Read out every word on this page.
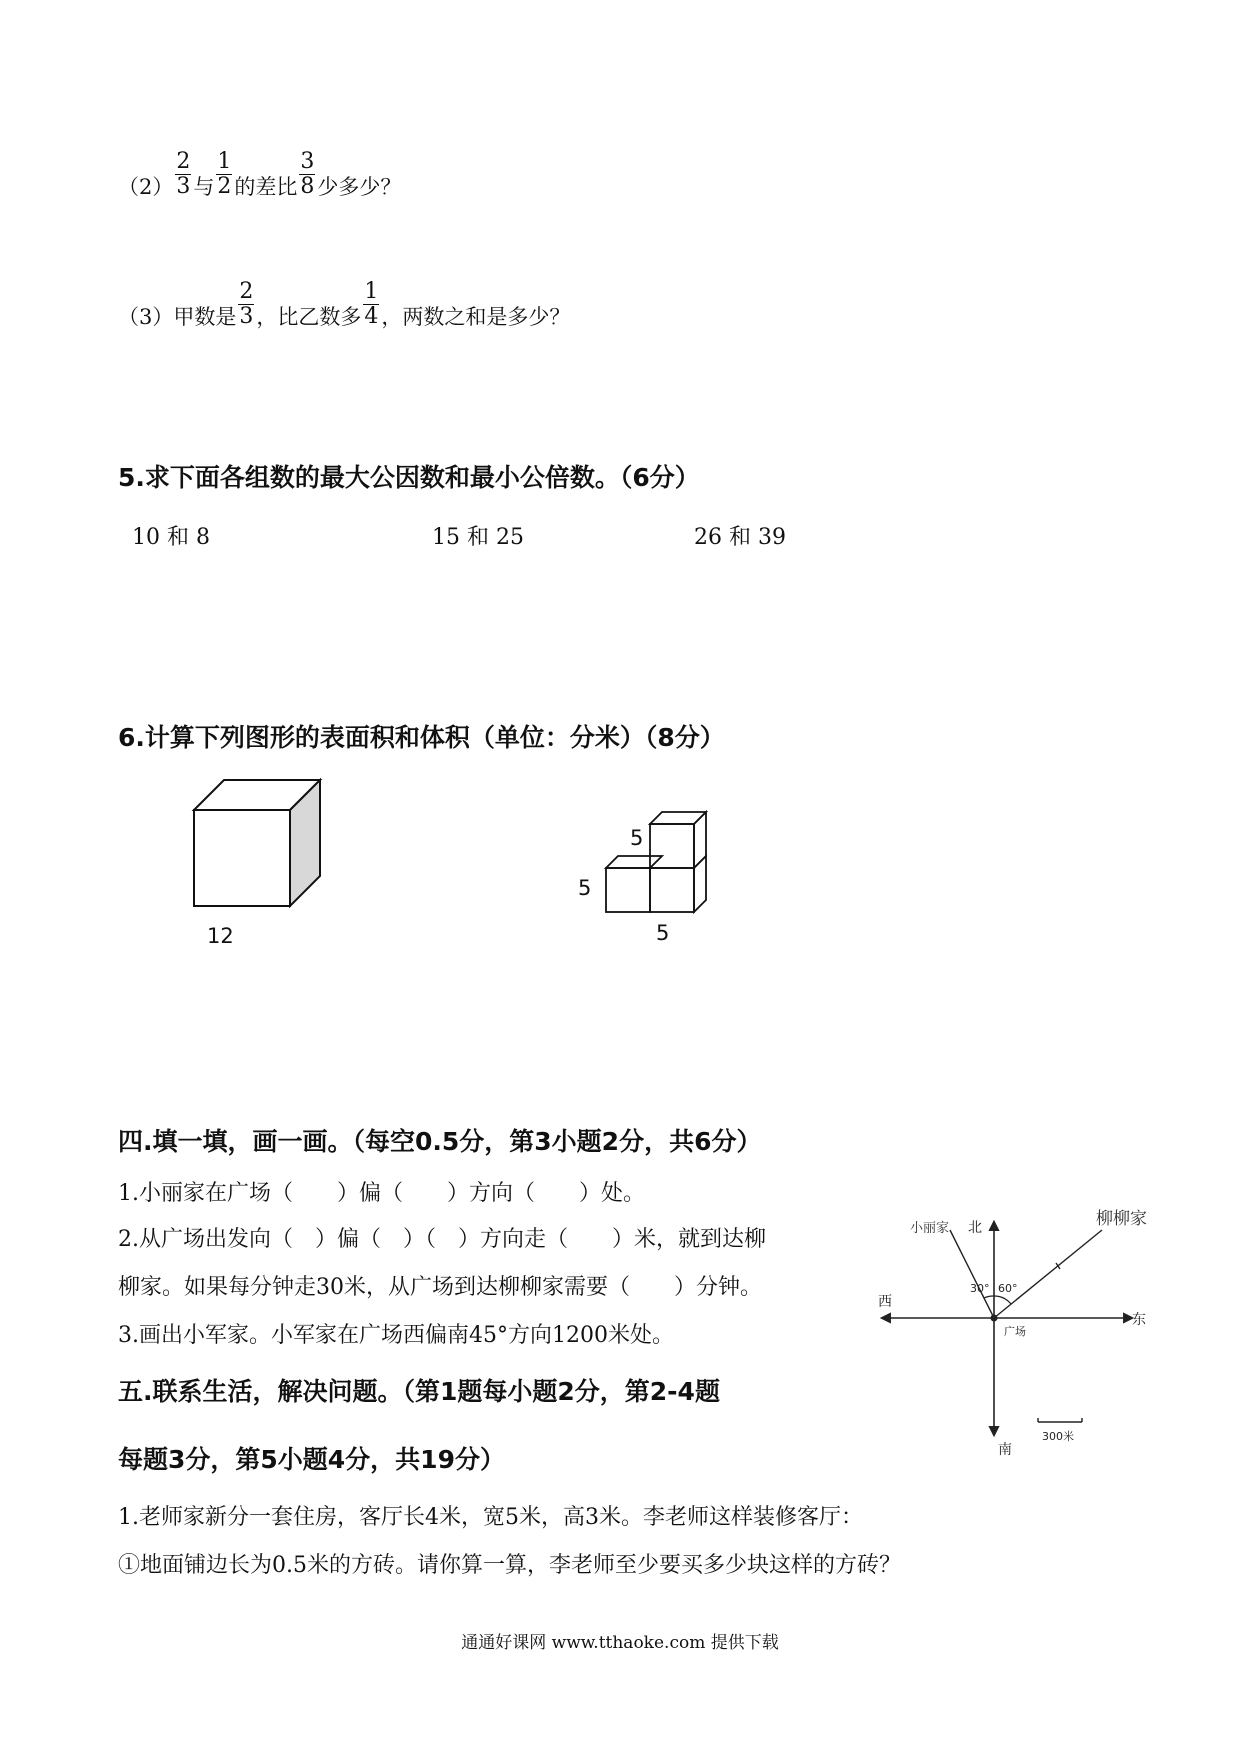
$(2) \frac{2}{3}$ 与 $\frac{1}{2}$ 的差比 $\frac{3}{8}$ 少多少？
（3）甲数是 $\frac{2}{3}$ ，比乙数多 $\frac{1}{4}$ ，两数之和是多少？
5.求下面各组数的最大公因数和最小公倍数。（6分）
10 和 8	15 和 25	26 和 39
6.计算下列图形的表面积和体积（单位：分米）（8分）
12
5
5
5
四.填一填，画一画。（每空0.5分，第3小题2分，共6分）
1.小丽家在广场（　　）偏（　　）方向（　　）处。
2.从广场出发向（　）偏（　）（　）方向走（　　）米，就到达柳
柳家。如果每分钟走30米，从广场到达柳柳家需要（　　）分钟。
3.画出小军家。小军家在广场西偏南45°方向1200米处。
北
南
东
西
广场
30° 60°
小丽家	柳柳家
300米
五.联系生活，解决问题。（第1题每小题2分，第2-4题
每题3分，第5小题4分，共19分）
1.老师家新分一套住房，客厅长4米，宽5米，高3米。李老师这样装修客厅：
①地面铺边长为0.5米的方砖。请你算一算，李老师至少要买多少块这样的方砖？
通通好课网 www.tthaoke.com 提供下载
